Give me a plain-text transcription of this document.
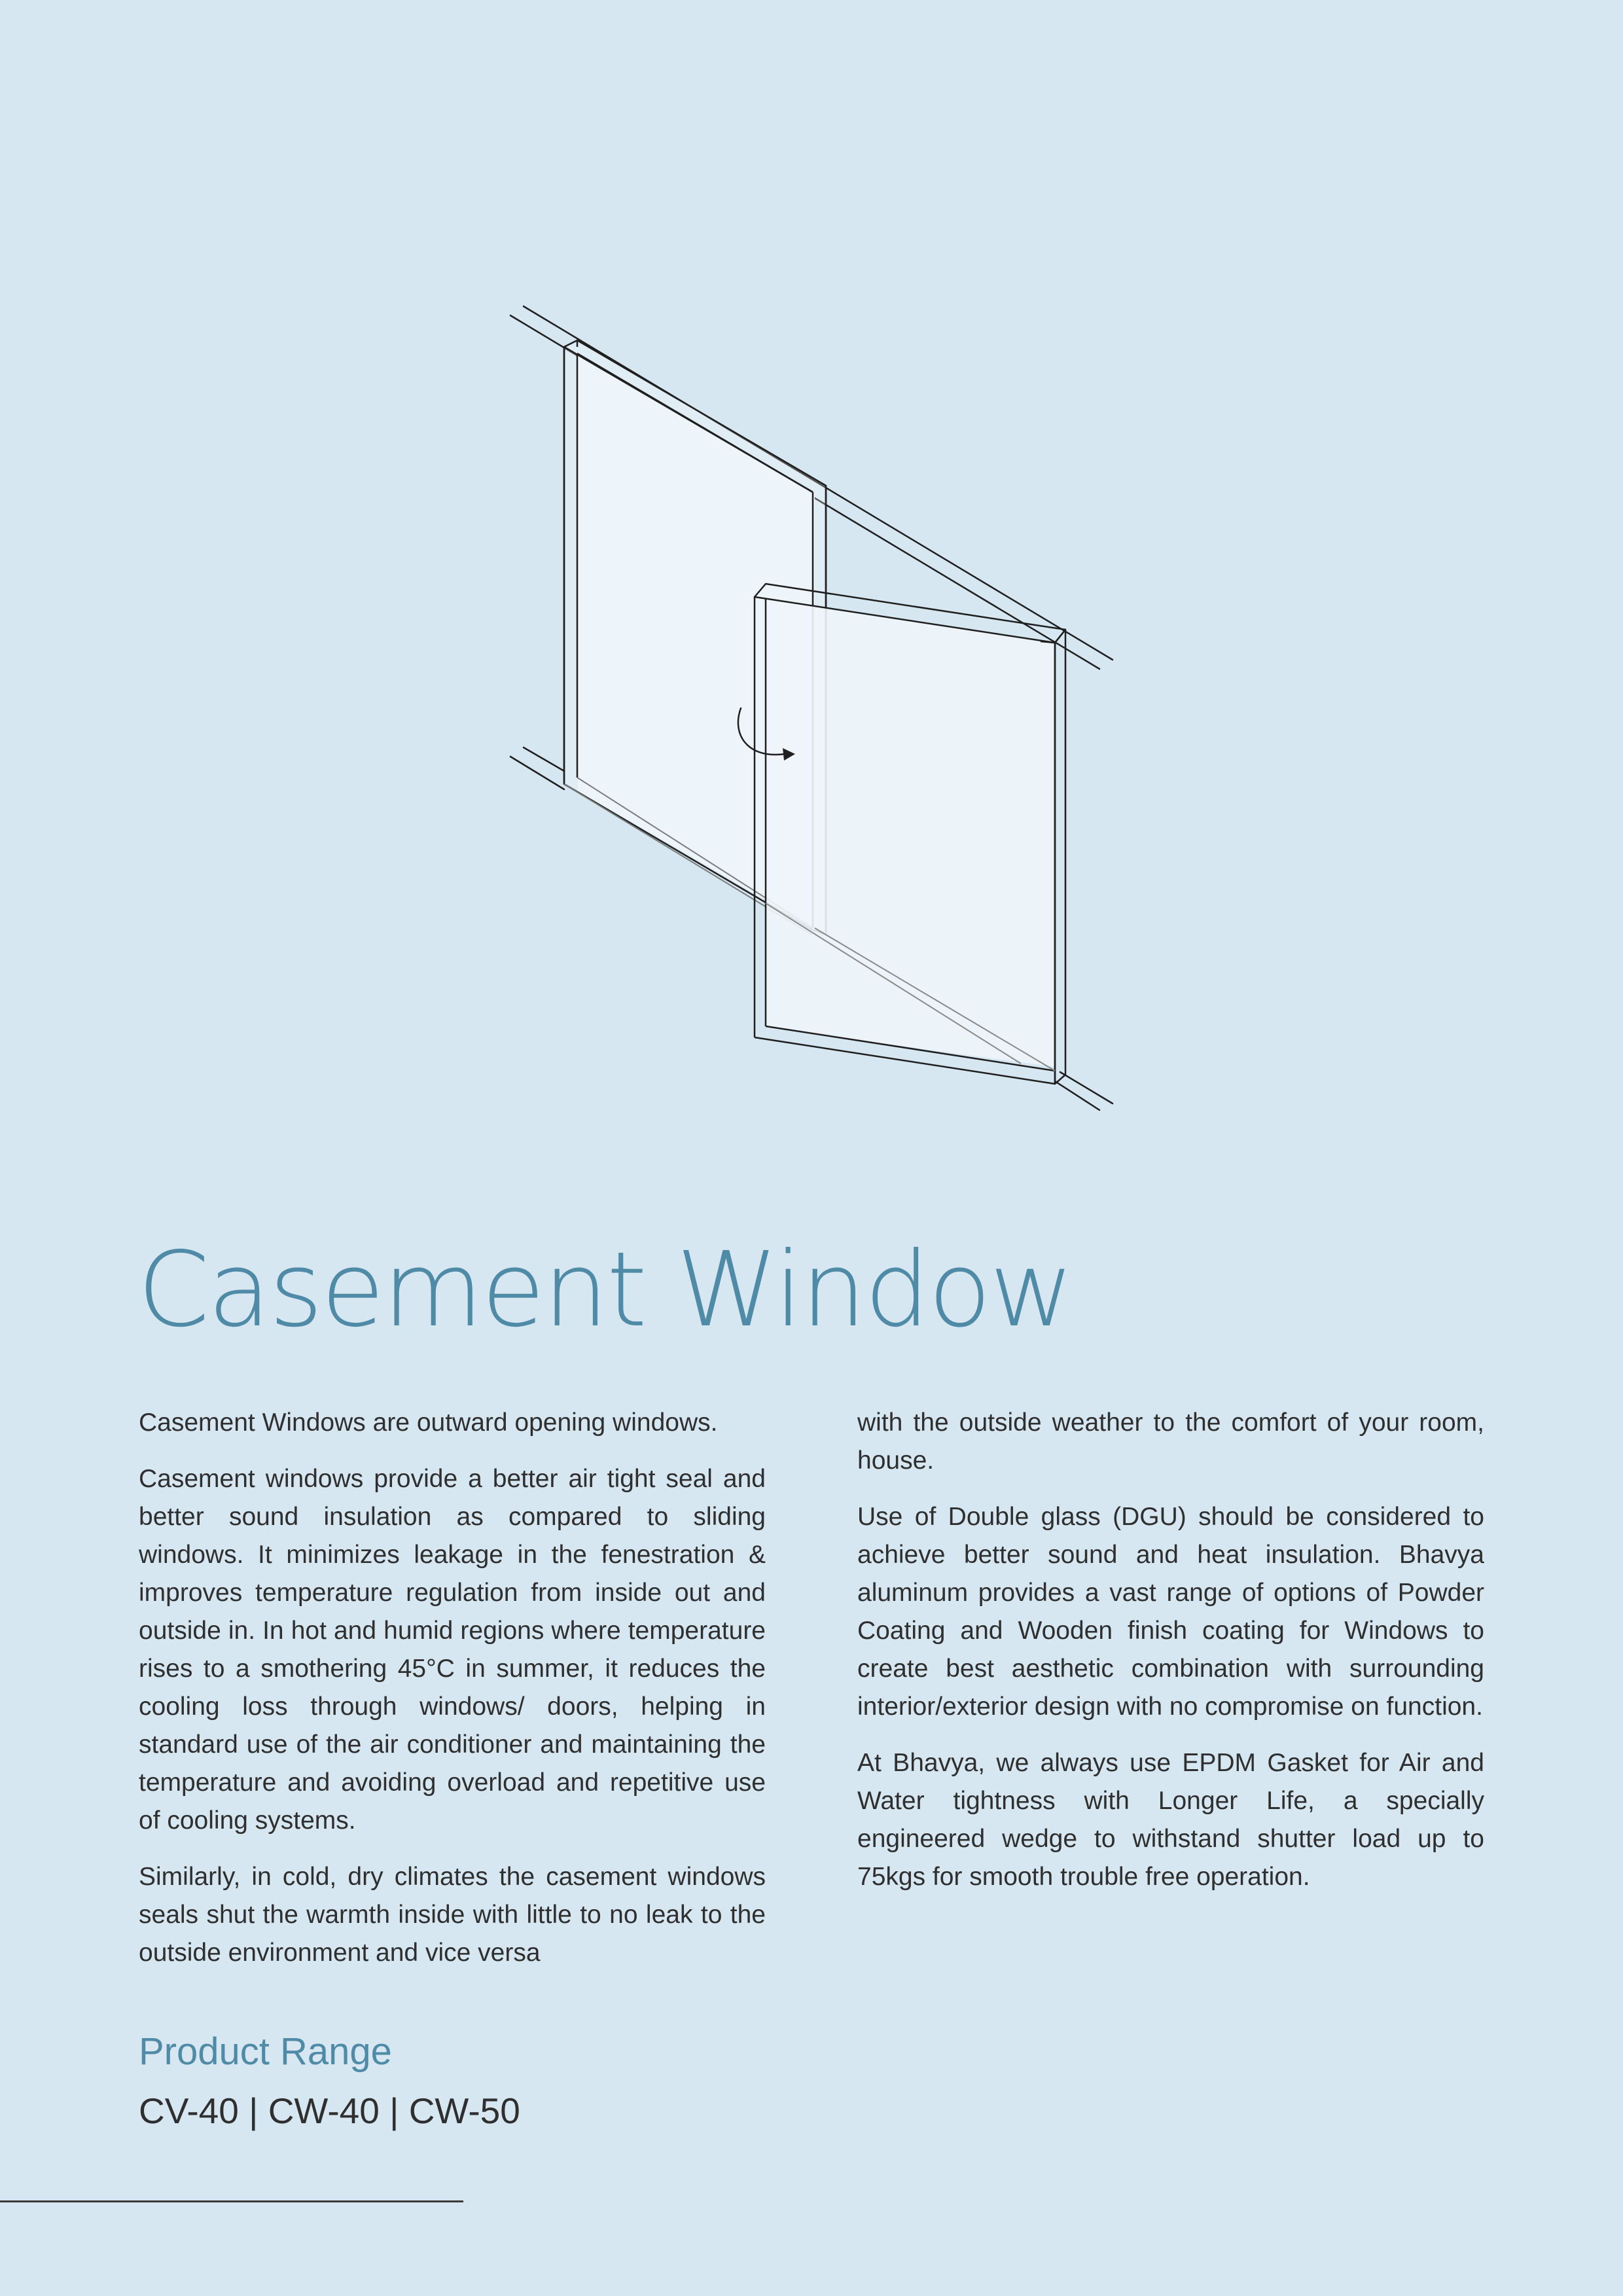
Casement Window

Casement Windows are outward opening windows.

Casement windows provide a better air tight seal and better sound insulation as compared to sliding windows. It minimizes leakage in the fenestration & improves temperature regulation from inside out and outside in. In hot and humid regions where temperature rises to a smothering 45°C in summer, it reduces the cooling loss through windows/ doors, helping in standard use of the air conditioner and maintaining the temperature and avoiding overload and repetitive use of cooling systems.

Similarly, in cold, dry climates the casement windows seals shut the warmth inside with little to no leak to the outside environment and vice versa

with the outside weather to the comfort of your room, house.

Use of Double glass (DGU) should be considered to achieve better sound and heat insulation. Bhavya aluminum provides a vast range of options of Powder Coating and Wooden finish coating for Windows to create best aesthetic combination with surrounding interior/exterior design with no compromise on function.

At Bhavya, we always use EPDM Gasket for Air and Water tightness with Longer Life, a specially engineered wedge to withstand shutter load up to 75kgs for smooth trouble free operation.

Product Range
CV-40 | CW-40 | CW-50
